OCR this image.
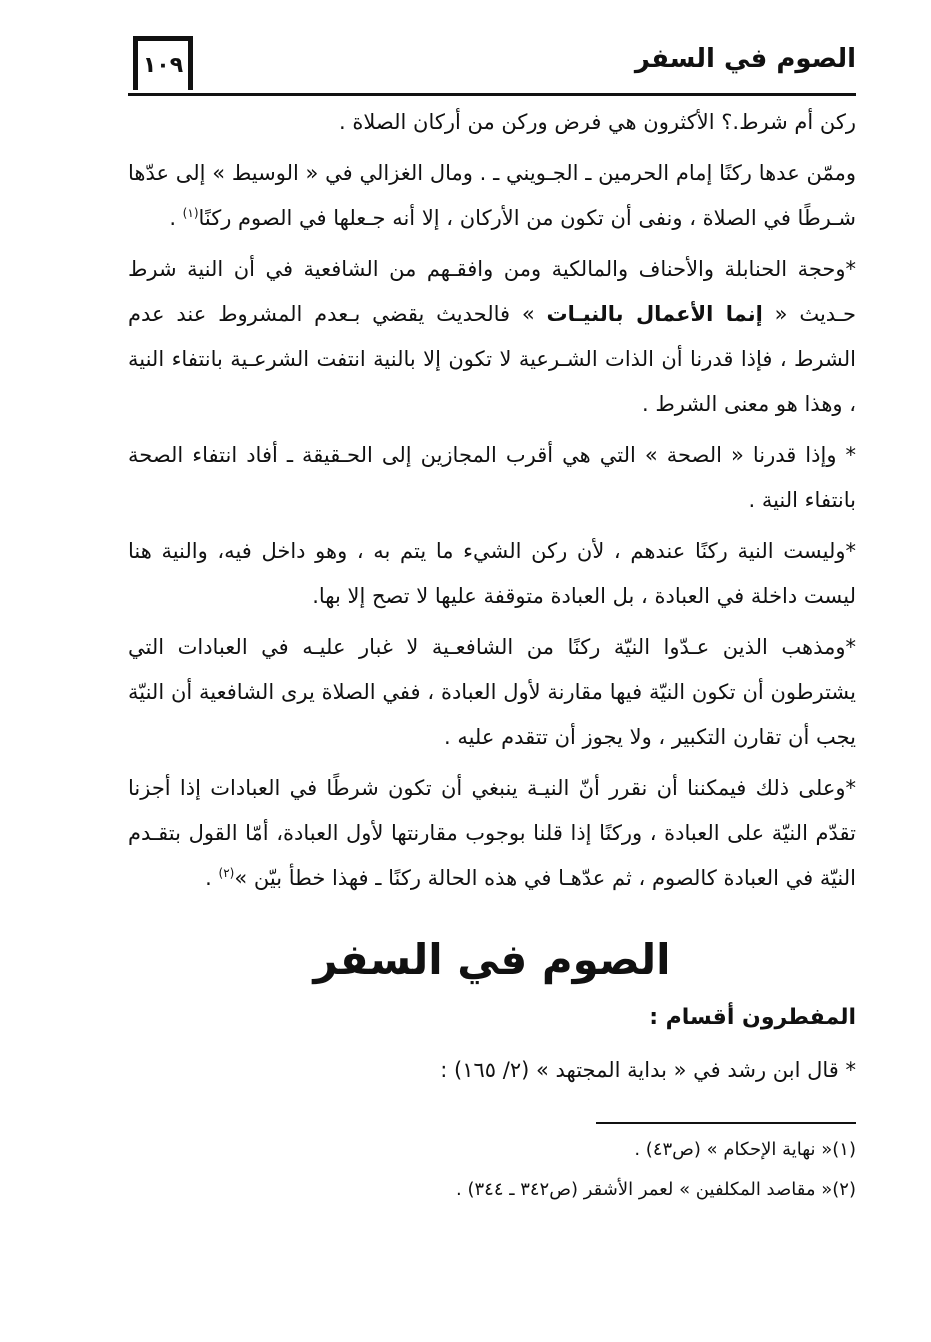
١٠٩	الصوم في السفر

ركن أم شرط.؟ الأكثرون هي فرض وركن من أركان الصلاة .

وممّن عدها ركنًا إمام الحرمين ـ الجـويني ـ . ومال الغزالي في « الوسيط » إلى عدّها شـرطًا في الصلاة ، ونفى أن تكون من الأركان ، إلا أنه جـعلها في الصوم ركنًا$^{(١)}$ .

*وحجة الحنابلة والأحناف والمالكية ومن وافقـهم من الشافعية في أن النية شرط حـديث « إنما الأعمال بالنيـات » فالحديث يقضي بـعدم المشروط عند عدم الشرط ، فإذا قدرنا أن الذات الشـرعية لا تكون إلا بالنية انتفت الشرعـية بانتفاء النية ، وهذا هو معنى الشرط .

* وإذا قدرنا « الصحة » التي هي أقرب المجازين إلى الحـقيقة ـ أفاد انتفاء الصحة بانتفاء النية .

*وليست النية ركنًا عندهم ، لأن ركن الشيء ما يتم به ، وهو داخل فيه، والنية هنا ليست داخلة في العبادة ، بل العبادة متوقفة عليها لا تصح إلا بها.

*ومذهب الذين عـدّوا النيّة ركنًا من الشافعـية لا غبار عليـه في العبادات التي يشترطون أن تكون النيّة فيها مقارنة لأول العبادة ، ففي الصلاة يرى الشافعية أن النيّة يجب أن تقارن التكبير ، ولا يجوز أن تتقدم عليه .

*وعلى ذلك فيمكننا أن نقرر أنّ النيـة ينبغي أن تكون شرطًا في العبادات إذا أجزنا تقدّم النيّة على العبادة ، وركنًا إذا قلنا بوجوب مقارنتها لأول العبادة، أمّا القول بتقـدم النيّة في العبادة كالصوم ، ثم عدّهـا في هذه الحالة ركنًا ـ فهذا خطأ بيّن »$^{(٢)}$ .

الصوم في السفر
المفطرون أقسام :
* قال ابن رشد في « بداية المجتهد » (٢/ ١٦٥) :
(١)« نهاية الإحكام » (ص٤٣) .
(٢)« مقاصد المكلفين » لعمر الأشقر (ص٣٤٢ ـ ٣٤٤) .
